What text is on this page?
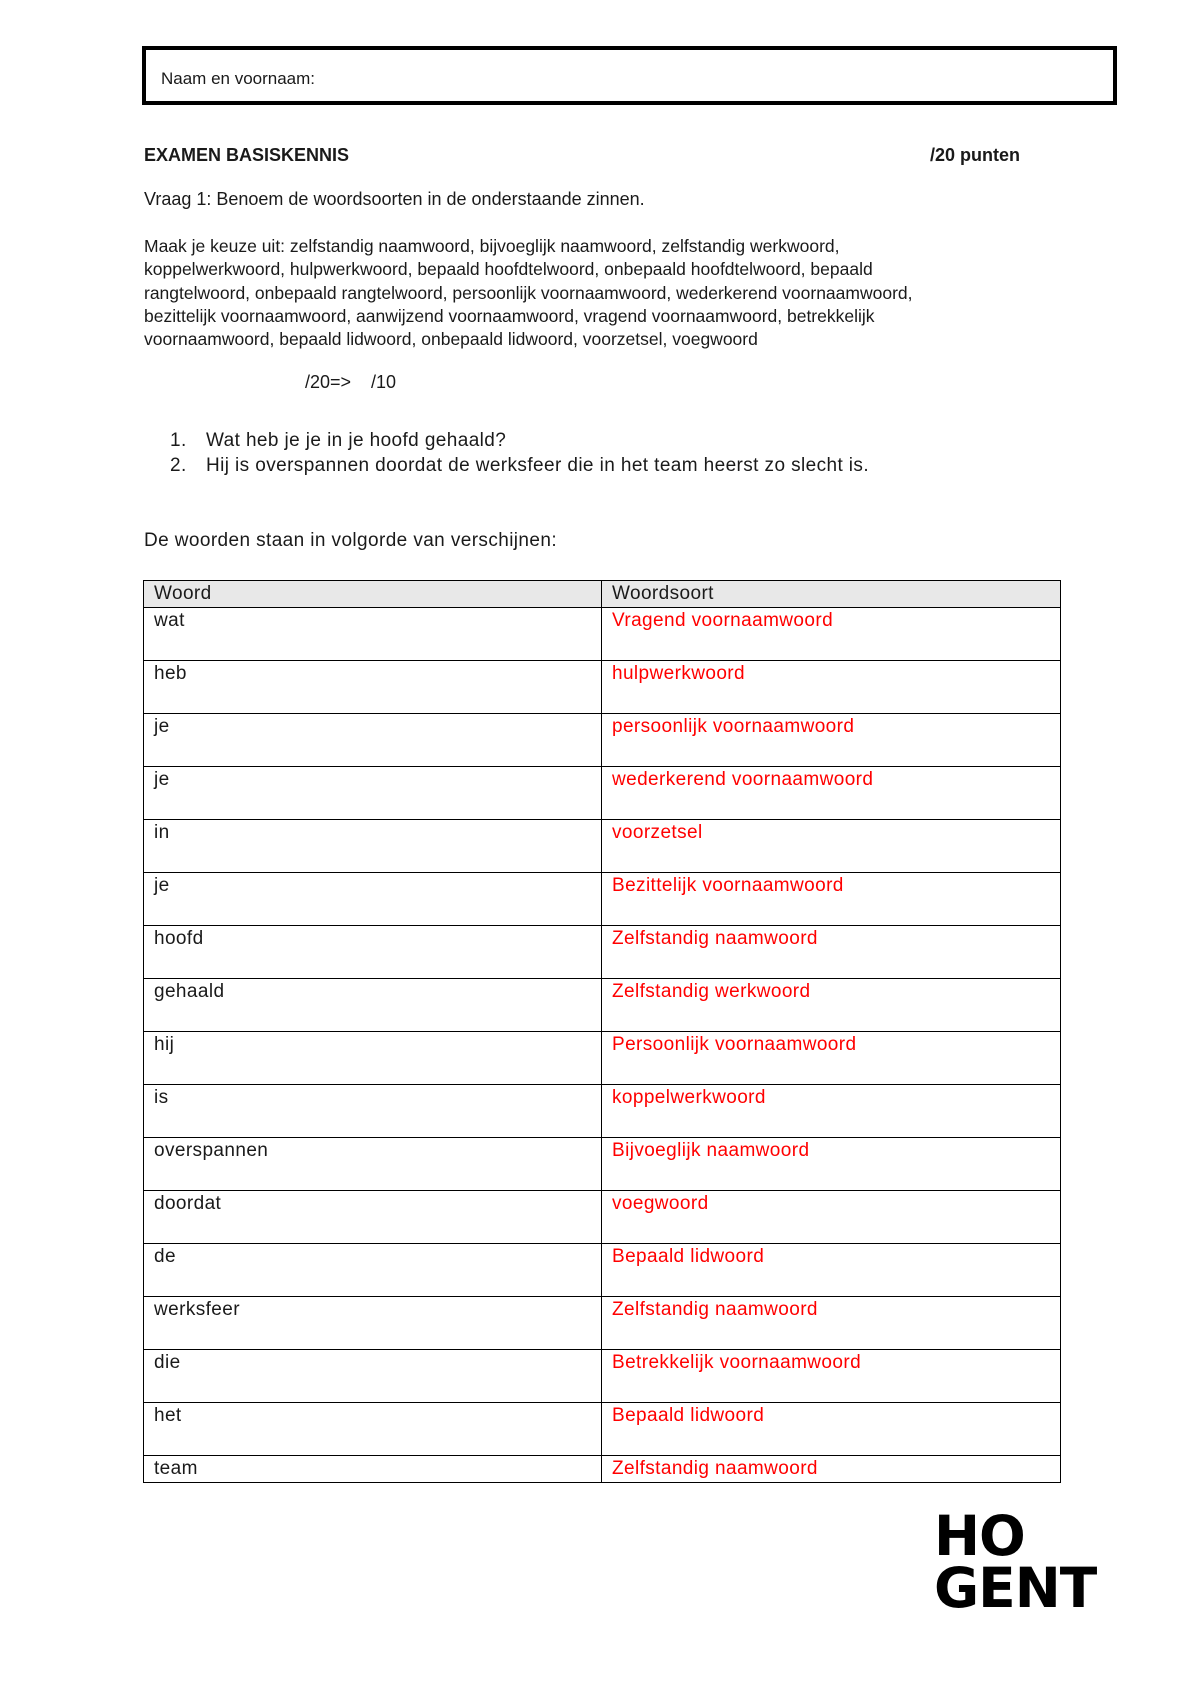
Naam en voornaam:
EXAMEN BASISKENNIS	/20 punten
Vraag 1: Benoem de woordsoorten in de onderstaande zinnen.
Maak je keuze uit: zelfstandig naamwoord, bijvoeglijk naamwoord, zelfstandig werkwoord,
koppelwerkwoord, hulpwerkwoord, bepaald hoofdtelwoord, onbepaald hoofdtelwoord, bepaald
rangtelwoord, onbepaald rangtelwoord, persoonlijk voornaamwoord, wederkerend voornaamwoord,
bezittelijk voornaamwoord, aanwijzend voornaamwoord, vragend voornaamwoord, betrekkelijk
voornaamwoord, bepaald lidwoord, onbepaald lidwoord, voorzetsel, voegwoord
/20=>    /10
1. Wat heb je je in je hoofd gehaald?
2. Hij is overspannen doordat de werksfeer die in het team heerst zo slecht is.
De woorden staan in volgorde van verschijnen:
Woord	Woordsoort
wat	Vragend voornaamwoord
heb	hulpwerkwoord
je	persoonlijk voornaamwoord
je	wederkerend voornaamwoord
in	voorzetsel
je	Bezittelijk voornaamwoord
hoofd	Zelfstandig naamwoord
gehaald	Zelfstandig werkwoord
hij	Persoonlijk voornaamwoord
is	koppelwerkwoord
overspannen	Bijvoeglijk naamwoord
doordat	voegwoord
de	Bepaald lidwoord
werksfeer	Zelfstandig naamwoord
die	Betrekkelijk voornaamwoord
het	Bepaald lidwoord
team	Zelfstandig naamwoord
HO
GENT
